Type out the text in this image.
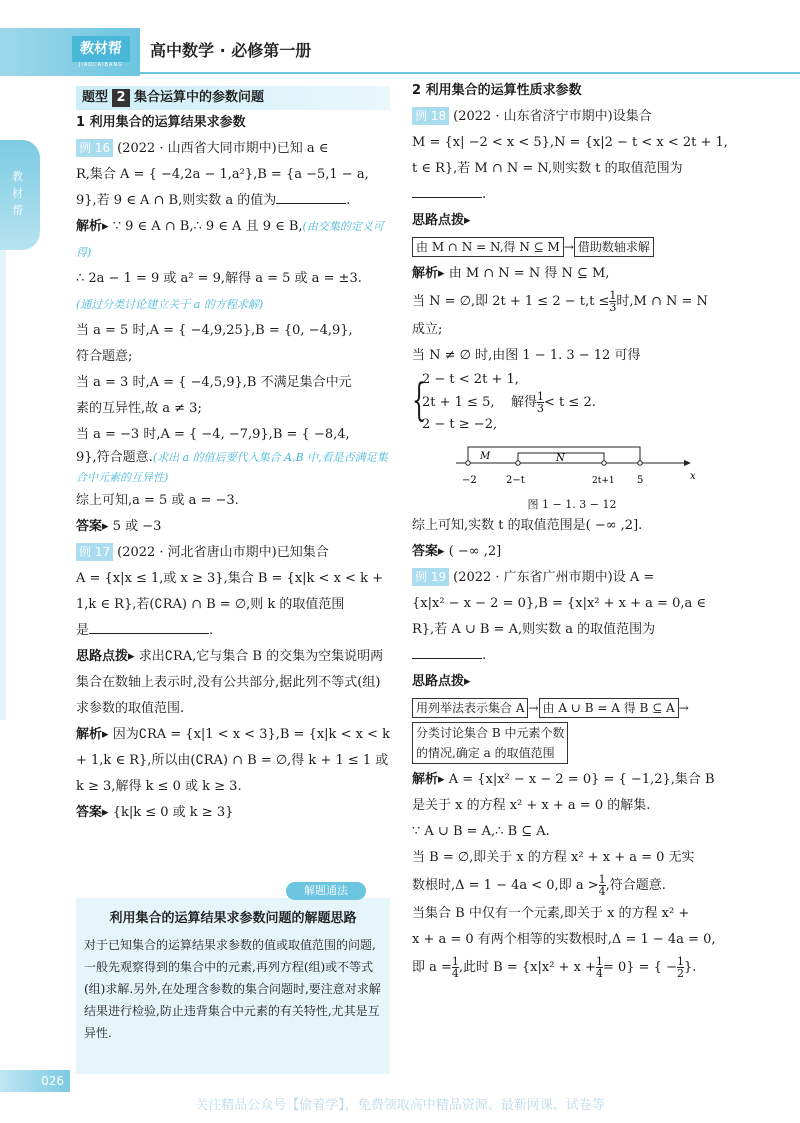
教材帮
JIAOCAIBANG
高中数学 · 必修第一册
教材帮
题型 2 集合运算中的参数问题

1 利用集合的运算结果求参数

例 16 (2022 · 山西省大同市期中)已知 a ∈

R,集合 A = { −4,2a − 1,a²},B = {a −5,1 − a,

9},若 9 ∈ A ∩ B,则实数 a 的值为	.

解析▸ ∵ 9 ∈ A ∩ B,∴ 9 ∈ A 且 9 ∈ B,(由交集的定义可得)

∴ 2a − 1 = 9 或 a² = 9,解得 a = 5 或 a = ±3.

(通过分类讨论建立关于 a 的方程求解)

当 a = 5 时,A = { −4,9,25},B = {0, −4,9},

符合题意;

当 a = 3 时,A = { −4,5,9},B 不满足集合中元

素的互异性,故 a ≠ 3;

当 a = −3 时,A = { −4, −7,9},B = { −8,4,

9},符合题意.(求出 a 的值后要代入集合 A,B 中,看是否满足集合中元素的互异性)

综上可知,a = 5 或 a = −3.

答案▸ 5 或 −3

例 17 (2022 · 河北省唐山市期中)已知集合

A = {x|x ≤ 1,或 x ≥ 3},集合 B = {x|k < x < k +

1,k ∈ R},若(∁RA) ∩ B = ∅,则 k 的取值范围

是	.

思路点拨▸ 求出∁RA,它与集合 B 的交集为空集说明两集合在数轴上表示时,没有公共部分,据此列不等式(组)求参数的取值范围.

解析▸ 因为∁RA = {x|1 < x < 3},B = {x|k < x < k + 1,k ∈ R},所以由(∁RA) ∩ B = ∅,得 k + 1 ≤ 1 或 k ≥ 3,解得 k ≤ 0 或 k ≥ 3.

答案▸ {k|k ≤ 0 或 k ≥ 3}

解题通法
利用集合的运算结果求参数问题的解题思路
对于已知集合的运算结果求参数的值或取值范围的问题,一般先观察得到的集合中的元素,再列方程(组)或不等式(组)求解.另外,在处理含参数的集合问题时,要注意对求解结果进行检验,防止违背集合中元素的有关特性,尤其是互异性.

2 利用集合的运算性质求参数

例 18 (2022 · 山东省济宁市期中)设集合

M = {x| −2 < x < 5},N = {x|2 − t < x < 2t + 1,

t ∈ R},若 M ∩ N = N,则实数 t 的取值范围为

.

思路点拨▸

由 M ∩ N = N,得 N ⊆ M → 借助数轴求解

解析▸ 由 M ∩ N = N 得 N ⊆ M,

当 N = ∅,即 $2t + 1 \le 2 - t,t \le \frac{1}{3}$ 时,M ∩ N = N

成立;

当 N ≠ ∅ 时,由图 1 − 1. 3 − 12 可得

{
2 − t < 2t + 1,
2t + 1 ≤ 5, 解得 $\frac{1}{3} < t \le 2$.
2 − t ≥ −2,
M	N
−2	2−t	2t+1 5	x

图 1 − 1. 3 − 12

综上可知,实数 t 的取值范围是( −∞ ,2].

答案▸ ( −∞ ,2]

例 19 (2022 · 广东省广州市期中)设 A =

{x|x² − x − 2 = 0},B = {x|x² + x + a = 0,a ∈

R},若 A ∪ B = A,则实数 a 的取值范围为

.

思路点拨▸

用列举法表示集合 A → 由 A ∪ B = A 得 B ⊆ A →

分类讨论集合 B 中元素个数
的情况,确定 a 的取值范围

解析▸ A = {x|x² − x − 2 = 0} = { −1,2},集合 B

是关于 x 的方程 x² + x + a = 0 的解集.

∵ A ∪ B = A,∴ B ⊆ A.

当 B = ∅,即关于 x 的方程 x² + x + a = 0 无实

数根时,Δ = 1 − 4a < 0,即 $a > \frac{1}{4}$ ,符合题意.

当集合 B 中仅有一个元素,即关于 x 的方程 x² +

x + a = 0 有两个相等的实数根时,Δ = 1 − 4a = 0,

即 $a = \frac{1}{4}$ ,此时 $B = \{x|x^2 + x + \frac{1}{4} = 0\}$ = { − $\frac{1}{2}$ }.

026
关注精品公众号【偷着学】，免费领取高中精品资源、最新网课、试卷等
